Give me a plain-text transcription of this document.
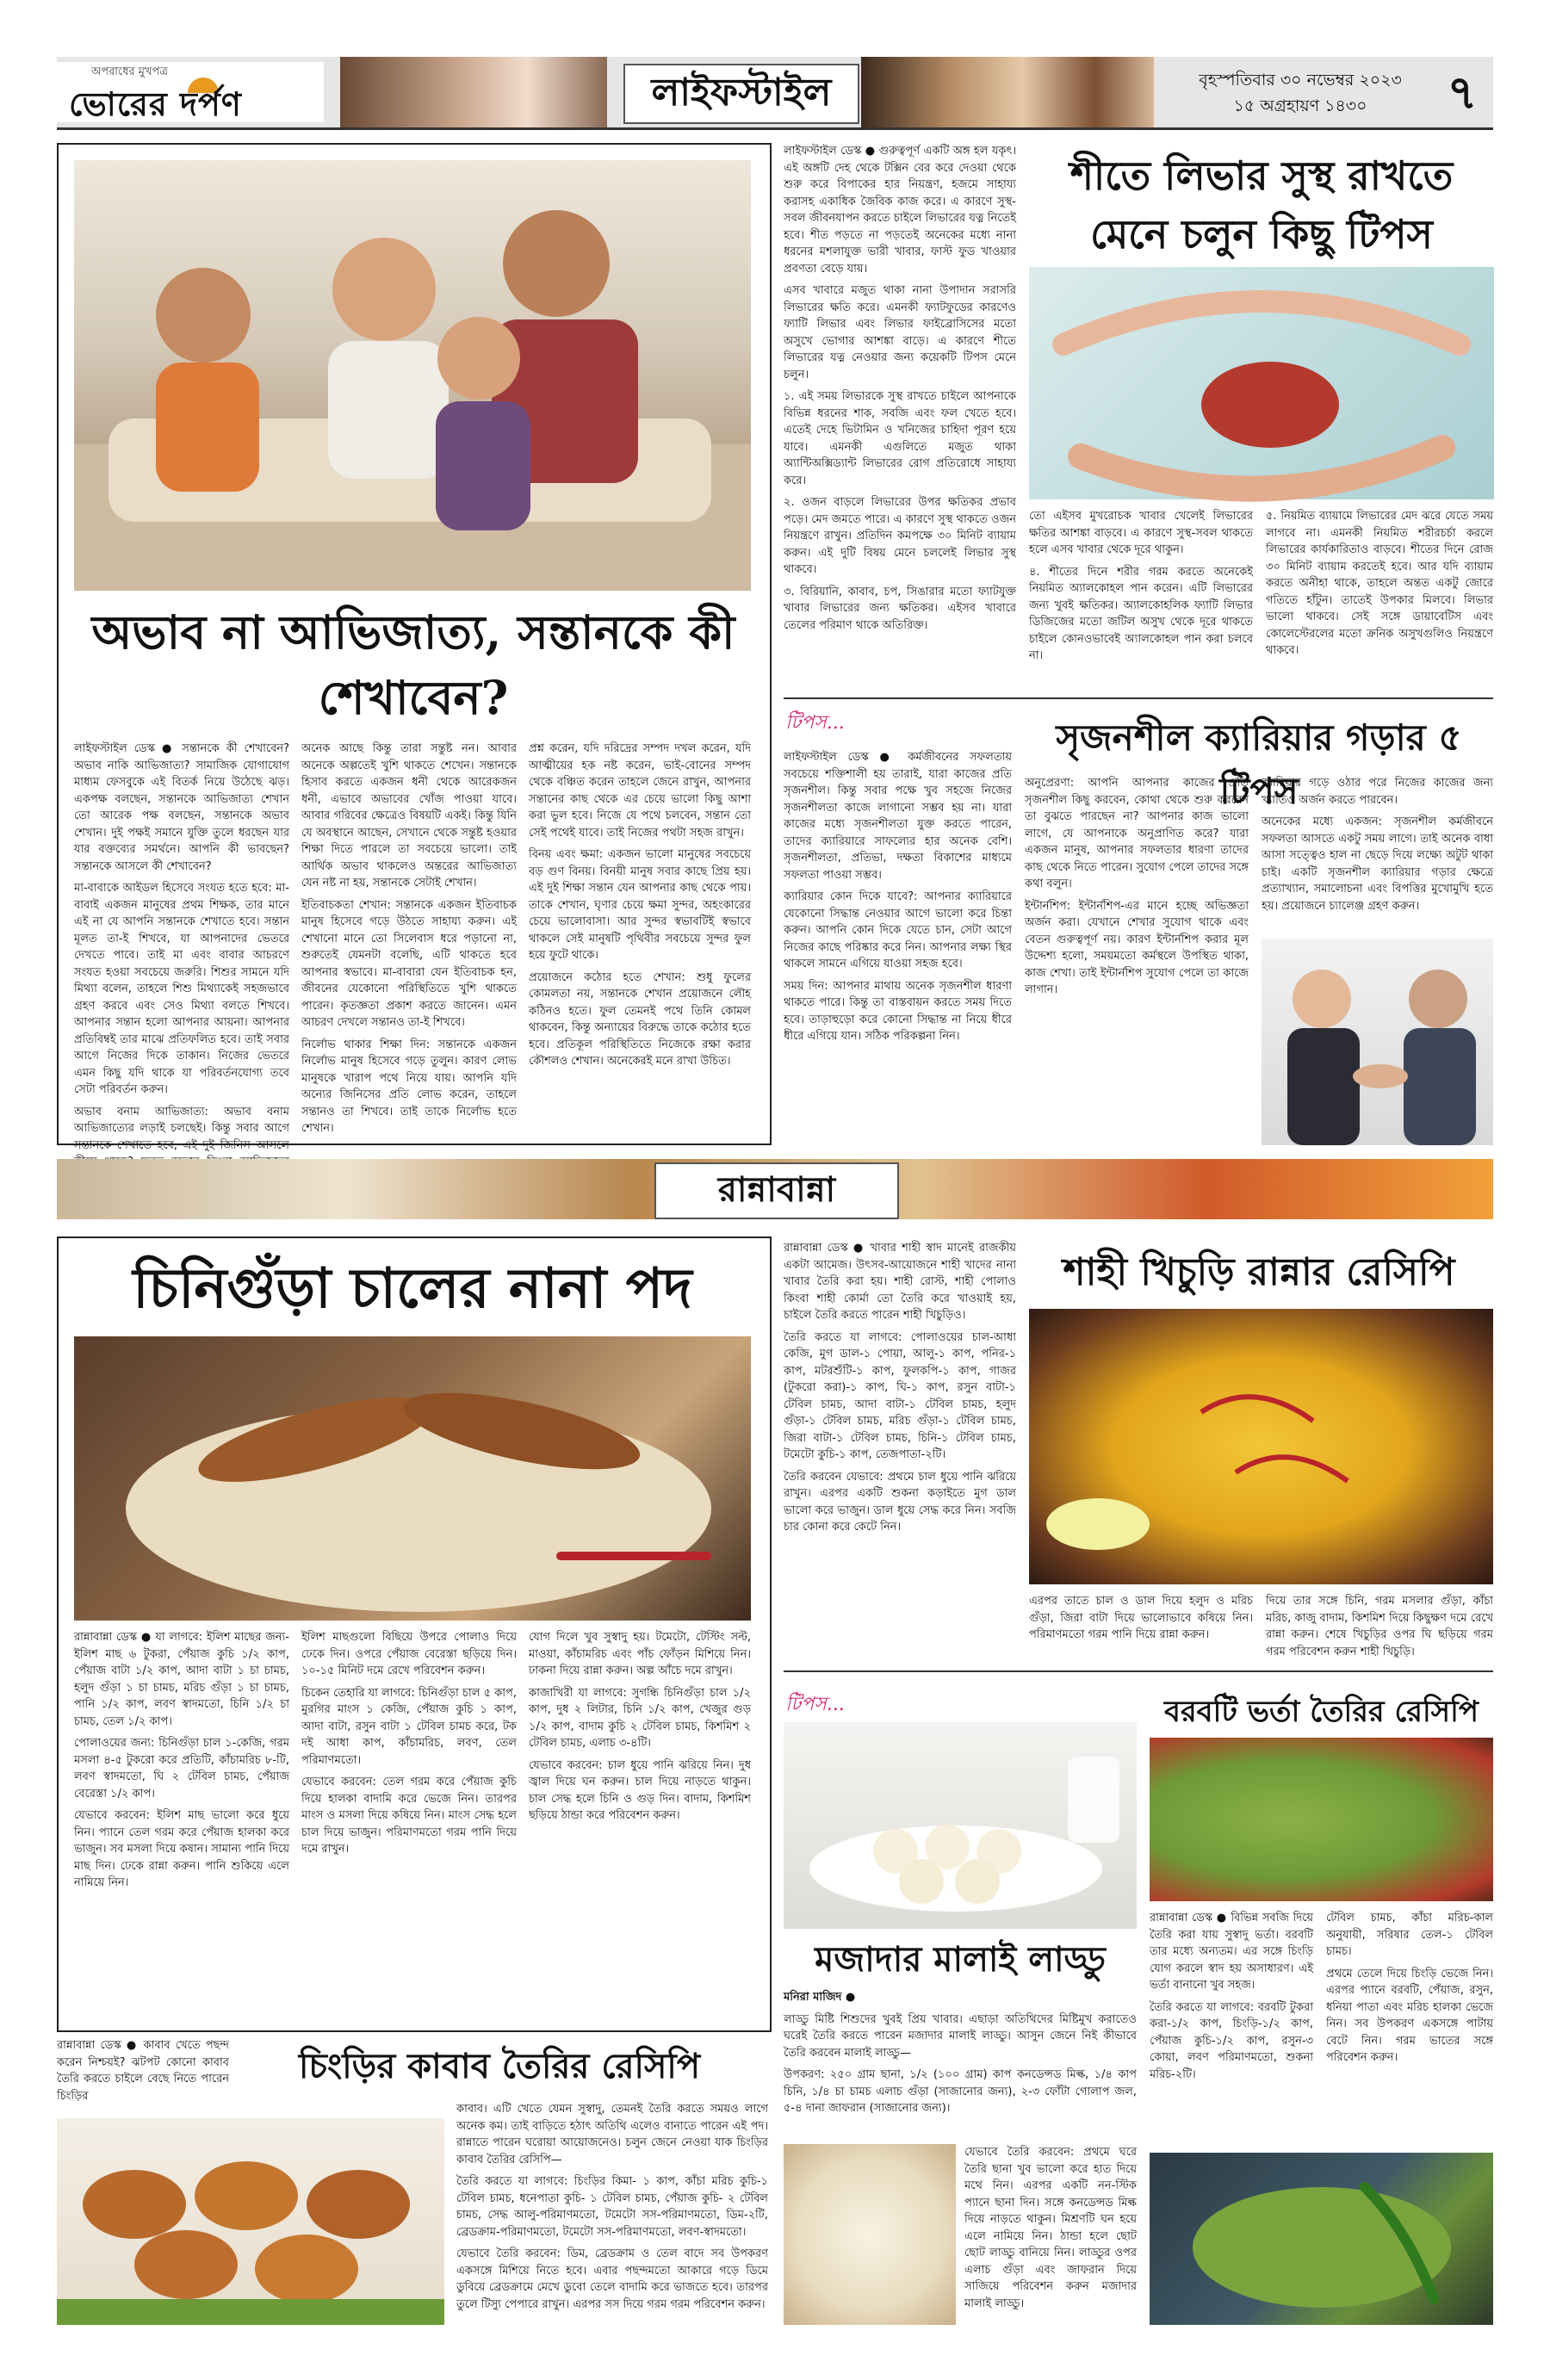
অপরাধের মুখপত্র
ভোরের দর্পণ	লাইফস্টাইল	বৃহস্পতিবার ৩০ নভেম্বর ২০২৩
১৫ অগ্রহায়ণ ১৪৩০	৭
অভাব না আভিজাত্য, সন্তানকে কী শেখাবেন?

লাইফস্টাইল ডেস্ক ● সন্তানকে কী শেখাবেন? অভাব নাকি আভিজাত্য? সামাজিক যোগাযোগ মাধ্যম ফেসবুকে এই বিতর্ক নিয়ে উঠেছে ঝড়। একপক্ষ বলছেন, সন্তানকে আভিজাত্য শেখান তো আরেক পক্ষ বলছেন, সন্তানকে অভাব শেখান। দুই পক্ষই সমানে যুক্তি তুলে ধরছেন যার যার বক্তব্যের সমর্থনে। আপনি কী ভাবছেন? সন্তানকে আসলে কী শেখাবেন?

মা-বাবাকে আইডল হিসেবে সংযত হতে হবে: মা-বাবাই একজন মানুষের প্রথম শিক্ষক, তার মানে এই না যে আপনি সন্তানকে শেখাতে হবে। সন্তান মূলত তা-ই শিখবে, যা আপনাদের ভেতরে দেখতে পাবে। তাই মা এবং বাবার আচরণে সংযত হওয়া সবচেয়ে জরুরি। শিশুর সামনে যদি মিথ্যা বলেন, তাহলে শিশু মিথ্যাকেই সহজভাবে গ্রহণ করবে এবং সেও মিথ্যা বলতে শিখবে। আপনার সন্তান হলো আপনার আয়না। আপনার প্রতিবিম্বই তার মাঝে প্রতিফলিত হবে। তাই সবার আগে নিজের দিকে তাকান। নিজের ভেতরে এমন কিছু যদি থাকে যা পরিবর্তনযোগ্য তবে সেটা পরিবর্তন করুন।

অভাব বনাম আভিজাত্য: অভাব বনাম আভিজাত্যের লড়াই চলছেই। কিন্তু সবার আগে সন্তানকে শেখাতে হবে, এই দুই জিনিস আসলে

অনেক আছে কিন্তু তারা সন্তুষ্ট নন। আবার অনেকে অল্পতেই খুশি থাকতে শেখেন। সন্তানকে হিসাব করতে একজন ধনী থেকে আরেকজন ধনী, এভাবে অভাবের খোঁজ পাওয়া যাবে। আবার গরিবের ক্ষেত্রেও বিষয়টি একই। কিন্তু যিনি যে অবস্থানে আছেন, সেখানে থেকে সন্তুষ্ট হওয়ার শিক্ষা দিতে পারলে তা সবচেয়ে ভালো। তাই আর্থিক অভাব থাকলেও অন্তরের আভিজাত্য যেন নষ্ট না হয়, সন্তানকে সেটাই শেখান।

ইতিবাচকতা শেখান: সন্তানকে একজন ইতিবাচক মানুষ হিসেবে গড়ে উঠতে সাহায্য করুন। এই শেখানো মানে তো সিলেবাস ধরে পড়ানো না, শুরুতেই যেমনটা বলেছি, এটি থাকতে হবে আপনার স্বভাবে। মা-বাবারা যেন ইতিবাচক হন, জীবনের যেকোনো পরিস্থিতিতে খুশি থাকতে পারেন। কৃতজ্ঞতা প্রকাশ করতে জানেন। এমন আচরণ দেখলে সন্তানও তা-ই শিখবে।

নির্লোভ থাকার শিক্ষা দিন: সন্তানকে একজন নির্লোভ মানুষ হিসেবে গড়ে তুলুন। কারণ লোভ মানুষকে খারাপ পথে নিয়ে যায়। আপনি যদি অন্যের জিনিসের প্রতি লোভ করেন, তাহলে সন্তানও তা শিখবে। তাই তাকে নির্লোভ হতে শেখান।

প্রশ্ন করেন, যদি দরিদ্রের সম্পদ দখল করেন, যদি আত্মীয়ের হক নষ্ট করেন, ভাই-বোনের সম্পদ থেকে বঞ্চিত করেন তাহলে জেনে রাখুন, আপনার সন্তানের কাছ থেকে এর চেয়ে ভালো কিছু আশা করা ভুল হবে। নিজে যে পথে চলবেন, সন্তান তো সেই পথেই যাবে। তাই নিজের পথটা সহজ রাখুন।

বিনয় এবং ক্ষমা: একজন ভালো মানুষের সবচেয়ে বড় গুণ বিনয়। বিনয়ী মানুষ সবার কাছে প্রিয় হয়। এই দুই শিক্ষা সন্তান যেন আপনার কাছ থেকে পায়। তাকে শেখান, ঘৃণার চেয়ে ক্ষমা সুন্দর, অহংকারের চেয়ে ভালোবাসা। আর সুন্দর স্বভাবটিই স্বভাবে থাকলে সেই মানুষটি পৃথিবীর সবচেয়ে সুন্দর ফুল হয়ে ফুটে থাকে।

প্রয়োজনে কঠোর হতে শেখান: শুধু ফুলের কোমলতা নয়, সন্তানকে শেখান প্রয়োজনে লৌহ কঠিনও হতে। ফুল তেমনই পথে তিনি কোমল থাকবেন, কিন্তু অন্যায়ের বিরুদ্ধে তাকে কঠোর হতে হবে। প্রতিকূল পরিস্থিতিতে নিজেকে রক্ষা করার কৌশলও শেখান। অনেকেরই মনে রাখা উচিত।

লাইফস্টাইল ডেস্ক ● গুরুত্বপূর্ণ একটি অঙ্গ হল যকৃৎ। এই অঙ্গটি দেহ থেকে টক্সিন বের করে দেওয়া থেকে শুরু করে বিপাকের হার নিয়ন্ত্রণ, হজমে সাহায্য করাসহ একাধিক জৈবিক কাজ করে। এ কারণে সুস্থ-সবল জীবনযাপন করতে চাইলে লিভারের যত্ন নিতেই হবে। শীত পড়তে না পড়তেই অনেকের মধ্যে নানা ধরনের মশলাযুক্ত ভারী খাবার, ফাস্ট ফুড খাওয়ার প্রবণতা বেড়ে যায়।

এসব খাবারে মজুত থাকা নানা উপাদান সরাসরি লিভারের ক্ষতি করে। এমনকী ফ্যাটফুডের কারণেও ফ্যাটি লিভার এবং লিভার ফাইব্রোসিসের মতো অসুখে ভোগার আশঙ্কা বাড়ে। এ কারণে শীতে লিভারের যত্ন নেওয়ার জন্য কয়েকটি টিপস মেনে চলুন।

১. এই সময় লিভারকে সুস্থ রাখতে চাইলে আপনাকে বিভিন্ন ধরনের শাক, সবজি এবং ফল খেতে হবে। এতেই দেহে ভিটামিন ও খনিজের চাহিদা পূরণ হয়ে যাবে। এমনকী এগুলিতে মজুত থাকা অ্যান্টিঅক্সিড্যান্ট লিভারের রোগ প্রতিরোধে সাহায্য করে।

২. ওজন বাড়লে লিভারের উপর ক্ষতিকর প্রভাব পড়ে। মেদ জমতে পারে। এ কারণে সুস্থ থাকতে ওজন নিয়ন্ত্রণে রাখুন। প্রতিদিন কমপক্ষে ৩০ মিনিট ব্যায়াম করুন। এই দুটি বিষয় মেনে চললেই লিভার সুস্থ থাকবে।

৩. বিরিয়ানি, কাবাব, চপ, সিঙারার মতো ফ্যাটযুক্ত খাবার লিভারের জন্য ক্ষতিকর। এইসব খাবারে তেলের পরিমাণ থাকে অতিরিক্ত।

শীতে লিভার সুস্থ রাখতে মেনে চলুন কিছু টিপস

তো এইসব মুখরোচক খাবার খেলেই লিভারের ক্ষতির আশঙ্কা বাড়বে। এ কারণে সুস্থ-সবল থাকতে হলে এসব খাবার থেকে দূরে থাকুন।

৪. শীতের দিনে শরীর গরম করতে অনেকেই নিয়মিত অ্যালকোহল পান করেন। এটি লিভারের জন্য খুবই ক্ষতিকর। অ্যালকোহলিক ফ্যাটি লিভার ডিজিজের মতো জটিল অসুখ থেকে দূরে থাকতে চাইলে কোনওভাবেই অ্যালকোহল পান করা চলবে না।

৫. নিয়মিত ব্যায়ামে লিভারের মেদ ঝরে যেতে সময় লাগবে না। এমনকী নিয়মিত শরীরচর্চা করলে লিভারের কার্যকারিতাও বাড়বে। শীতের দিনে রোজ ৩০ মিনিট ব্যায়াম করতেই হবে। আর যদি ব্যায়াম করতে অনীহা থাকে, তাহলে অন্তত একটু জোরে গতিতে হাঁটুন। তাতেই উপকার মিলবে। লিভার ভালো থাকবে। সেই সঙ্গে ডায়াবেটিস এবং কোলেস্টেরলের মতো ক্রনিক অসুখগুলিও নিয়ন্ত্রণে থাকবে।

টিপস...	সৃজনশীল ক্যারিয়ার গড়ার ৫ টিপস

লাইফস্টাইল ডেস্ক ● কর্মজীবনের সফলতায় সবচেয়ে শক্তিশালী হয় তারাই, যারা কাজের প্রতি সৃজনশীল। কিন্তু সবার পক্ষে খুব সহজে নিজের সৃজনশীলতা কাজে লাগানো সম্ভব হয় না। যারা কাজের মধ্যে সৃজনশীলতা যুক্ত করতে পারেন, তাদের ক্যারিয়ারে সাফল্যের হার অনেক বেশি। সৃজনশীলতা, প্রতিভা, দক্ষতা বিকাশের মাধ্যমে সফলতা পাওয়া সম্ভব।

ক্যারিয়ার কোন দিকে যাবে?: আপনার ক্যারিয়ারে যেকোনো সিদ্ধান্ত নেওয়ার আগে ভালো করে চিন্তা করুন। আপনি কোন দিকে যেতে চান, সেটা আগে নিজের কাছে পরিষ্কার করে নিন। আপনার লক্ষ্য স্থির থাকলে সামনে এগিয়ে যাওয়া সহজ হবে।

সময় দিন: আপনার মাথায় অনেক সৃজনশীল ধারণা থাকতে পারে। কিন্তু তা বাস্তবায়ন করতে সময় দিতে হবে। তাড়াহুড়ো করে কোনো সিদ্ধান্ত না নিয়ে ধীরে ধীরে এগিয়ে যান। সঠিক পরিকল্পনা নিন।

অনুপ্রেরণা: আপনি আপনার কাজের প্রতি সৃজনশীল কিছু করবেন, কোথা থেকে শুরু করবেন তা বুঝতে পারছেন না? আপনার কাজ ভালো লাগে, যে আপনাকে অনুপ্রাণিত করে? যারা একজন মানুষ, আপনার সফলতার ধারণা তাদের কাছ থেকে নিতে পারেন। সুযোগ পেলে তাদের সঙ্গে কথা বলুন।

ইন্টার্নশিপ: ইন্টার্নশিপ-এর মানে হচ্ছে অভিজ্ঞতা অর্জন করা। যেখানে শেখার সুযোগ থাকে এবং বেতন গুরুত্বপূর্ণ নয়। কারণ ইন্টার্নশিপ করার মূল উদ্দেশ্য হলো, সময়মতো কর্মস্থলে উপস্থিত থাকা, কাজ শেখা। তাই ইন্টার্নশিপ সুযোগ পেলে তা কাজে লাগান।

ক্যারিয়ার গড়ে ওঠার পরে নিজের কাজের জন্য খ্যাতিও অর্জন করতে পারবেন।

অনেকের মধ্যে একজন: সৃজনশীল কর্মজীবনে সফলতা আসতে একটু সময় লাগে। তাই অনেক বাধা আসা সত্ত্বেও হাল না ছেড়ে দিয়ে লক্ষ্যে অটুট থাকা চাই। একটি সৃজনশীল ক্যারিয়ার গড়ার ক্ষেত্রে প্রত্যাখ্যান, সমালোচনা এবং বিপত্তির মুখোমুখি হতে হয়। প্রয়োজনে চ্যালেঞ্জ গ্রহণ করুন।

রান্নাবান্না
চিনিগুঁড়া চালের নানা পদ

রান্নাবান্না ডেস্ক ● যা লাগবে: ইলিশ মাছের জন্য-ইলিশ মাছ ৬ টুকরা, পেঁয়াজ কুচি ১/২ কাপ, পেঁয়াজ বাটা ১/২ কাপ, আদা বাটা ১ চা চামচ, হলুদ গুঁড়া ১ চা চামচ, মরিচ গুঁড়া ১ চা চামচ, পানি ১/২ কাপ, লবণ স্বাদমতো, চিনি ১/২ চা চামচ, তেল ১/২ কাপ।

পোলাওয়ের জন্য: চিনিগুঁড়া চাল ১-কেজি, গরম মসলা ৪-৫ টুকরো করে প্রতিটি, কাঁচামরিচ ৮-টি, লবণ স্বাদমতো, ঘি ২ টেবিল চামচ, পেঁয়াজ বেরেস্তা ১/২ কাপ।

যেভাবে করবেন: ইলিশ মাছ ভালো করে ধুয়ে নিন। প্যানে তেল গরম করে পেঁয়াজ হালকা করে ভাজুন। সব মসলা দিয়ে কষান। সামান্য পানি দিয়ে মাছ দিন। ঢেকে রান্না করুন। পানি শুকিয়ে এলে নামিয়ে নিন।

ইলিশ মাছগুলো বিছিয়ে উপরে পোলাও দিয়ে ঢেকে দিন। ওপরে পেঁয়াজ বেরেস্তা ছড়িয়ে দিন। ১০-১৫ মিনিট দমে রেখে পরিবেশন করুন।

চিকেন তেহারি যা লাগবে: চিনিগুঁড়া চাল ৫ কাপ, মুরগির মাংস ১ কেজি, পেঁয়াজ কুচি ১ কাপ, আদা বাটা, রসুন বাটা ১ টেবিল চামচ করে, টক দই আধা কাপ, কাঁচামরিচ, লবণ, তেল পরিমাণমতো।

যেভাবে করবেন: তেল গরম করে পেঁয়াজ কুচি দিয়ে হালকা বাদামি করে ভেজে নিন। তারপর মাংস ও মসলা দিয়ে কষিয়ে নিন। মাংস সেদ্ধ হলে চাল দিয়ে ভাজুন। পরিমাণমতো গরম পানি দিয়ে দমে রাখুন।

যোগ দিলে খুব সুস্বাদু হয়। টমেটো, টেস্টিং সল্ট, মাওয়া, কাঁচামরিচ এবং পাঁচ ফোঁড়ন মিশিয়ে নিন। ঢাকনা দিয়ে রান্না করুন। অল্প আঁচে দমে রাখুন।

কাজাখিরী যা লাগবে: সুগন্ধি চিনিগুঁড়া চাল ১/২ কাপ, দুধ ২ লিটার, চিনি ১/২ কাপ, খেজুর গুড় ১/২ কাপ, বাদাম কুচি ২ টেবিল চামচ, কিশমিশ ২ টেবিল চামচ, এলাচ ৩-৪টি।

যেভাবে করবেন: চাল ধুয়ে পানি ঝরিয়ে নিন। দুধ জ্বাল দিয়ে ঘন করুন। চাল দিয়ে নাড়তে থাকুন। চাল সেদ্ধ হলে চিনি ও গুড় দিন। বাদাম, কিশমিশ ছড়িয়ে ঠান্ডা করে পরিবেশন করুন।

রান্নাবান্না ডেস্ক ● খাবার শাহী স্বাদ মানেই রাজকীয় একটা আমেজ। উৎসব-আয়োজনে শাহী খাদের নানা খাবার তৈরি করা হয়। শাহী রোস্ট, শাহী পোলাও কিংবা শাহী কোর্মা তো তৈরি করে খাওয়াই হয়, চাইলে তৈরি করতে পারেন শাহী খিচুড়িও।

তৈরি করতে যা লাগবে: পোলাওয়ের চাল-আধা কেজি, মুগ ডাল-১ পোয়া, আলু-১ কাপ, পনির-১ কাপ, মটরশুঁটি-১ কাপ, ফুলকপি-১ কাপ, গাজর (টুকরো করা)-১ কাপ, ঘি-১ কাপ, রসুন বাটা-১ টেবিল চামচ, আদা বাটা-১ টেবিল চামচ, হলুদ গুঁড়া-১ টেবিল চামচ, মরিচ গুঁড়া-১ টেবিল চামচ, জিরা বাটা-১ টেবিল চামচ, চিনি-১ টেবিল চামচ, টমেটো কুচি-১ কাপ, তেজপাতা-২টি।

তৈরি করবেন যেভাবে: প্রথমে চাল ধুয়ে পানি ঝরিয়ে রাখুন। এরপর একটি শুকনা কড়াইতে মুগ ডাল ভালো করে ভাজুন। ডাল ধুয়ে সেদ্ধ করে নিন। সবজি চার কোনা করে কেটে নিন।

শাহী খিচুড়ি রান্নার রেসিপি

এরপর তাতে চাল ও ডাল দিয়ে হলুদ ও মরিচ গুঁড়া, জিরা বাটা দিয়ে ভালোভাবে কষিয়ে নিন। পরিমাণমতো গরম পানি দিয়ে রান্না করুন।

দিয়ে তার সঙ্গে চিনি, গরম মসলার গুঁড়া, কাঁচা মরিচ, কাজু বাদাম, কিশমিশ দিয়ে কিছুক্ষণ দমে রেখে রান্না করুন। শেষে খিচুড়ির ওপর ঘি ছড়িয়ে গরম গরম পরিবেশন করুন শাহী খিচুড়ি।

টিপস...
মজাদার মালাই লাড্ডু

মনিরা মাজিদ ●

লাড্ডু মিষ্টি শিশুদের খুবই প্রিয় খাবার। এছাড়া অতিথিদের মিষ্টিমুখ করাতেও ঘরেই তৈরি করতে পারেন মজাদার মালাই লাড্ডু। আসুন জেনে নিই কীভাবে তৈরি করবেন মালাই লাড্ডু—

উপকরণ: ২৫০ গ্রাম ছানা, ১/২ (১০০ গ্রাম) কাপ কনডেন্সড মিল্ক, ১/৪ কাপ চিনি, ১/৪ চা চামচ এলাচ গুঁড়া (সাজানোর জন্য), ২-৩ ফোঁটা গোলাপ জল, ৫-৪ দানা জাফরান (সাজানোর জন্য)।

যেভাবে তৈরি করবেন: প্রথমে ঘরে তৈরি ছানা খুব ভালো করে হাত দিয়ে মথে নিন। এরপর একটি নন-স্টিক প্যানে ছানা দিন। সঙ্গে কনডেন্সড মিল্ক দিয়ে নাড়তে থাকুন। মিশ্রণটি ঘন হয়ে এলে নামিয়ে নিন। ঠান্ডা হলে ছোট ছোট লাড্ডু বানিয়ে নিন। লাড্ডুর ওপর এলাচ গুঁড়া এবং জাফরান দিয়ে সাজিয়ে পরিবেশন করুন মজাদার মালাই লাড্ডু।

বরবটি ভর্তা তৈরির রেসিপি

রান্নাবান্না ডেস্ক ● বিভিন্ন সবজি দিয়ে তৈরি করা যায় সুস্বাদু ভর্তা। বরবটি তার মধ্যে অন্যতম। এর সঙ্গে চিংড়ি যোগ করলে স্বাদ হয় অসাধারণ। এই ভর্তা বানানো খুব সহজ।

তৈরি করতে যা লাগবে: বরবটি টুকরা করা-১/২ কাপ, চিংড়ি-১/২ কাপ, পেঁয়াজ কুচি-১/২ কাপ, রসুন-৩ কোয়া, লবণ পরিমাণমতো, শুকনা মরিচ-২টি।

টেবিল চামচ, কাঁচা মরিচ-কাল অনুযায়ী, সরিষার তেল-১ টেবিল চামচ।

প্রথমে তেলে দিয়ে চিংড়ি ভেজে নিন। এরপর প্যানে বরবটি, পেঁয়াজ, রসুন, ধনিয়া পাতা এবং মরিচ হালকা ভেজে নিন। সব উপকরণ একসঙ্গে পাটায় বেটে নিন। গরম ভাতের সঙ্গে পরিবেশন করুন।

রান্নাবান্না ডেস্ক ● কাবাব খেতে পছন্দ করেন নিশ্চয়ই? ঝটপট কোনো কাবাব তৈরি করতে চাইলে বেছে নিতে পারেন চিংড়ির

চিংড়ির কাবাব তৈরির রেসিপি

কাবাব। এটি খেতে যেমন সুস্বাদু, তেমনই তৈরি করতে সময়ও লাগে অনেক কম। তাই বাড়িতে হঠাৎ অতিথি এলেও বানাতে পারেন এই পদ। রান্নাতে পারেন ঘরোয়া আয়োজনেও। চলুন জেনে নেওয়া যাক চিংড়ির কাবাব তৈরির রেসিপি—

তৈরি করতে যা লাগবে: চিংড়ির কিমা- ১ কাপ, কাঁচা মরিচ কুচি-১ টেবিল চামচ, ধনেপাতা কুচি- ১ টেবিল চামচ, পেঁয়াজ কুচি- ২ টেবিল চামচ, সেদ্ধ আলু-পরিমাণমতো, টমেটো সস-পরিমাণমতো, ডিম-২টি, ব্রেডক্রাম-পরিমাণমতো, টমেটো সস-পরিমাণমতো, লবণ-স্বাদমতো।

যেভাবে তৈরি করবেন: ডিম, ব্রেডক্রাম ও তেল বাদে সব উপকরণ একসঙ্গে মিশিয়ে নিতে হবে। এবার পছন্দমতো আকারে গড়ে ডিমে ডুবিয়ে ব্রেডক্রামে মেখে ডুবো তেলে বাদামি করে ভাজতে হবে। তারপর তুলে টিস্যু পেপারে রাখুন। এরপর সস দিয়ে গরম গরম পরিবেশন করুন।
